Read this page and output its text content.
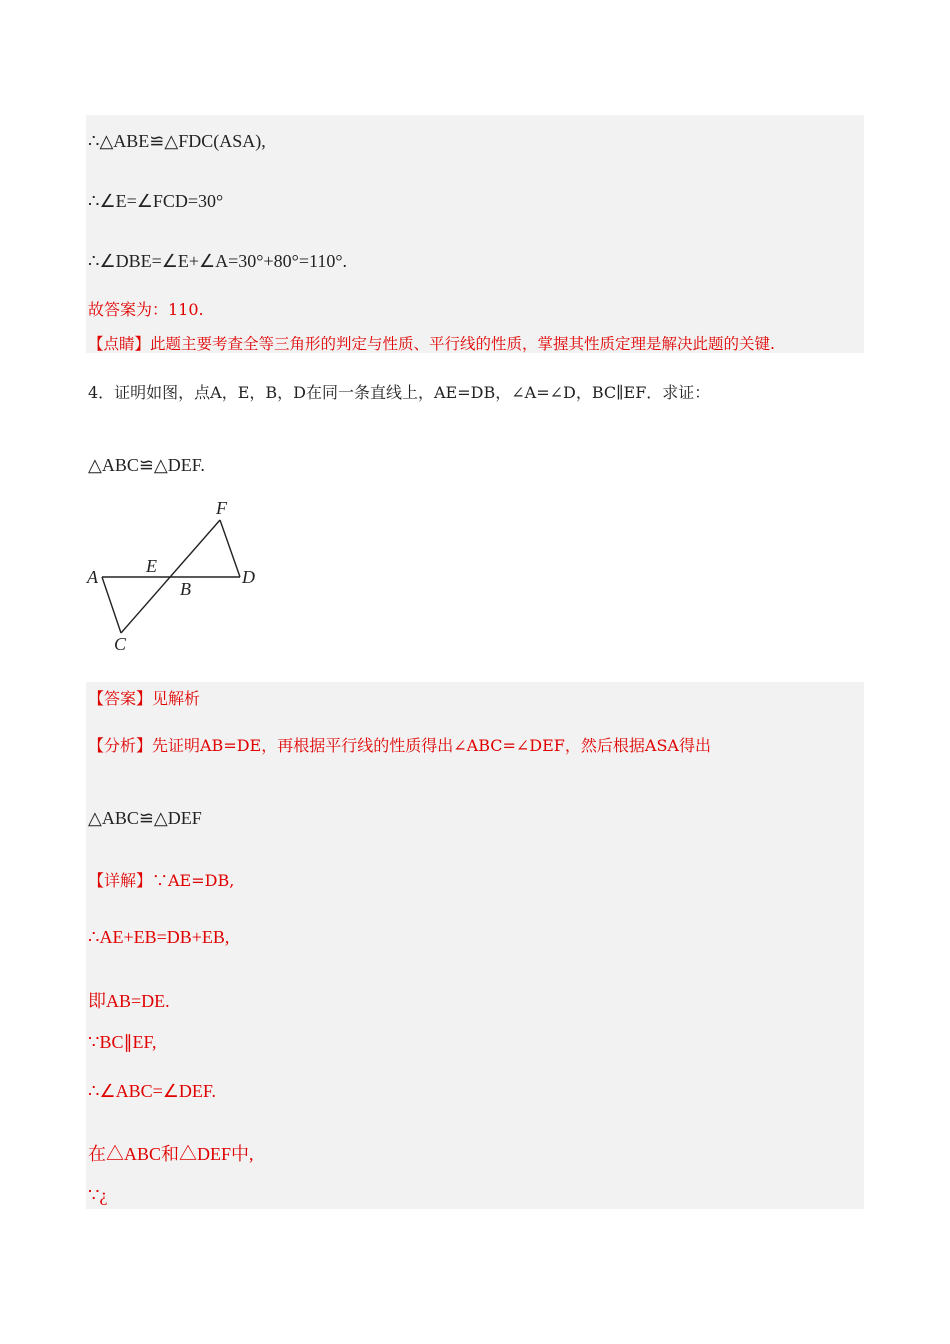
∴△ABE≌△FDC(ASA),
∴∠E=∠FCD=30°
∴∠DBE=∠E+∠A=30°+80°=110°.
故答案为：110.
【点睛】此题主要考查全等三角形的判定与性质、平行线的性质，掌握其性质定理是解决此题的关键.
4．证明如图，点A，E，B，D在同一条直线上，AE=DB，∠A=∠D，BC∥EF．求证：
△ABC≌△DEF.
F
A
E
B
D
C
【答案】见解析
【分析】先证明AB=DE，再根据平行线的性质得出∠ABC=∠DEF，然后根据ASA得出
△ABC≌△DEF
【详解】∵AE=DB,
∴AE+EB=DB+EB,
即AB=DE.
∵BC∥EF,
∴∠ABC=∠DEF.
在△ABC和△DEF中,
∵¿
